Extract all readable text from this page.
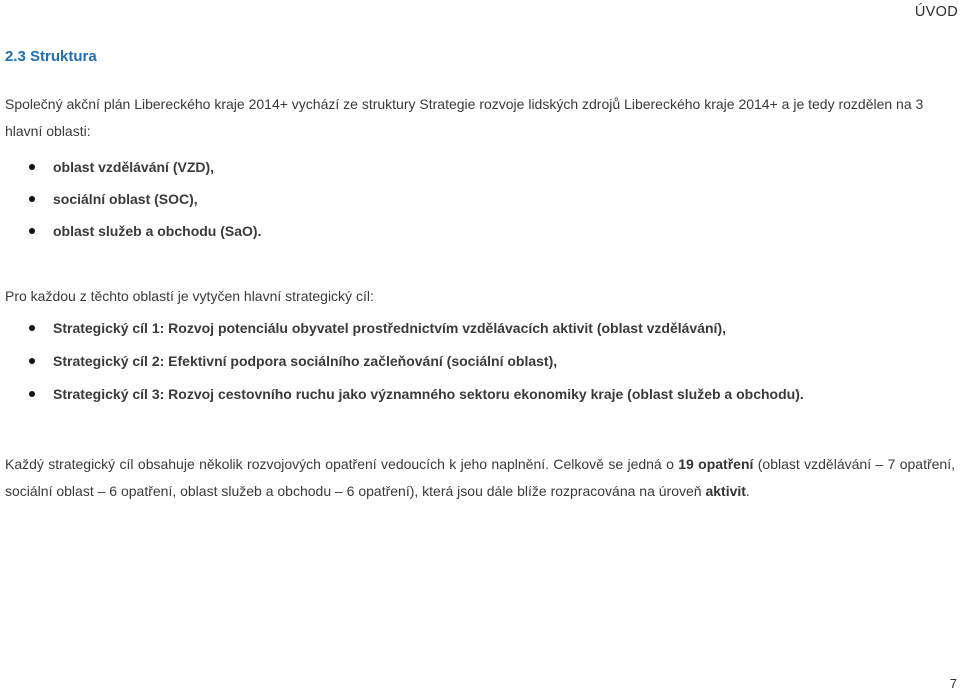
ÚVOD
2.3 Struktura

Společný akční plán Libereckého kraje 2014+ vychází ze struktury Strategie rozvoje lidských zdrojů Libereckého kraje 2014+ a je tedy rozdělen na 3 hlavní oblasti:

oblast vzdělávání (VZD),
sociální oblast (SOC),
oblast služeb a obchodu (SaO).

Pro každou z těchto oblastí je vytyčen hlavní strategický cíl:

Strategický cíl 1: Rozvoj potenciálu obyvatel prostřednictvím vzdělávacích aktivit (oblast vzdělávání),
Strategický cíl 2: Efektivní podpora sociálního začleňování (sociální oblast),
Strategický cíl 3: Rozvoj cestovního ruchu jako významného sektoru ekonomiky kraje (oblast služeb a obchodu).

Každý strategický cíl obsahuje několik rozvojových opatření vedoucích k jeho naplnění. Celkově se jedná o 19 opatření (oblast vzdělávání – 7 opatření, sociální oblast – 6 opatření, oblast služeb a obchodu – 6 opatření), která jsou dále blíže rozpracována na úroveň aktivit.

7
